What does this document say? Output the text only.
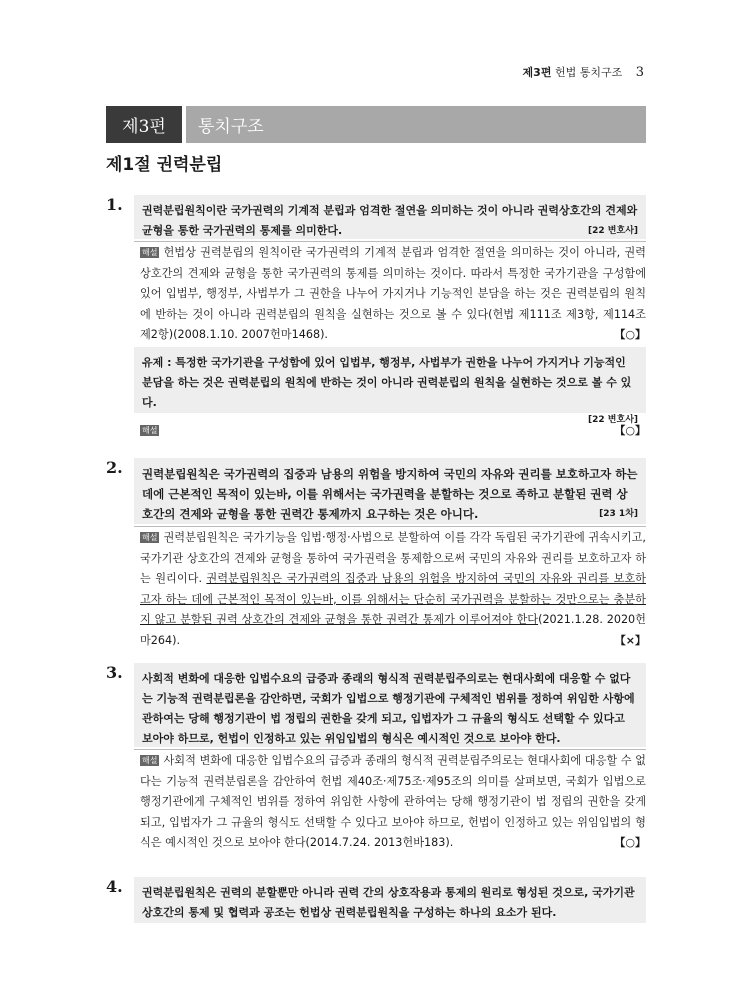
제3편 헌법 통치구조 3
제3편	통치구조
제1절 권력분립
1.	권력분립원칙이란 국가권력의 기계적 분립과 엄격한 절연을 의미하는 것이 아니라 권력상호간의 견제와 균형을 통한 국가권력의 통제를 의미한다.	[22 변호사]
해설 헌법상 권력분립의 원칙이란 국가권력의 기계적 분립과 엄격한 절연을 의미하는 것이 아니라, 권력 상호간의 견제와 균형을 통한 국가권력의 통제를 의미하는 것이다. 따라서 특정한 국가기관을 구성함에 있어 입법부, 행정부, 사법부가 그 권한을 나누어 가지거나 기능적인 분담을 하는 것은 권력분립의 원칙에 반하는 것이 아니라 권력분립의 원칙을 실현하는 것으로 볼 수 있다(헌법 제111조 제3항, 제114조 제2항)(2008.1.10. 2007헌마1468).	【○】
유제 : 특정한 국가기관을 구성함에 있어 입법부, 행정부, 사법부가 권한을 나누어 가지거나 기능적인 분담을 하는 것은 권력분립의 원칙에 반하는 것이 아니라 권력분립의 원칙을 실현하는 것으로 볼 수 있다.
[22 변호사]
해설	【○】
2.	권력분립원칙은 국가권력의 집중과 남용의 위험을 방지하여 국민의 자유와 권리를 보호하고자 하는 데에 근본적인 목적이 있는바, 이를 위해서는 국가권력을 분할하는 것으로 족하고 분할된 권력 상호간의 견제와 균형을 통한 권력간 통제까지 요구하는 것은 아니다.	[23 1차]
해설 권력분립원칙은 국가기능을 입법·행정·사법으로 분할하여 이를 각각 독립된 국가기관에 귀속시키고, 국가기관 상호간의 견제와 균형을 통하여 국가권력을 통제함으로써 국민의 자유와 권리를 보호하고자 하는 원리이다. 권력분립원칙은 국가권력의 집중과 남용의 위험을 방지하여 국민의 자유와 권리를 보호하고자 하는 데에 근본적인 목적이 있는바, 이를 위해서는 단순히 국가권력을 분할하는 것만으로는 충분하지 않고 분할된 권력 상호간의 견제와 균형을 통한 권력간 통제가 이루어져야 한다(2021.1.28. 2020헌마264).	【×】
3.	사회적 변화에 대응한 입법수요의 급증과 종래의 형식적 권력분립주의로는 현대사회에 대응할 수 없다는 기능적 권력분립론을 감안하면, 국회가 입법으로 행정기관에 구체적인 범위를 정하여 위임한 사항에 관하여는 당해 행정기관이 법 정립의 권한을 갖게 되고, 입법자가 그 규율의 형식도 선택할 수 있다고 보아야 하므로, 헌법이 인정하고 있는 위임입법의 형식은 예시적인 것으로 보아야 한다.
해설 사회적 변화에 대응한 입법수요의 급증과 종래의 형식적 권력분립주의로는 현대사회에 대응할 수 없다는 기능적 권력분립론을 감안하여 헌법 제40조·제75조·제95조의 의미를 살펴보면, 국회가 입법으로 행정기관에게 구체적인 범위를 정하여 위임한 사항에 관하여는 당해 행정기관이 법 정립의 권한을 갖게 되고, 입법자가 그 규율의 형식도 선택할 수 있다고 보아야 하므로, 헌법이 인정하고 있는 위임입법의 형식은 예시적인 것으로 보아야 한다(2014.7.24. 2013헌바183).	【○】
4.	권력분립원칙은 권력의 분할뿐만 아니라 권력 간의 상호작용과 통제의 원리로 형성된 것으로, 국가기관 상호간의 통제 및 협력과 공조는 헌법상 권력분립원칙을 구성하는 하나의 요소가 된다.
